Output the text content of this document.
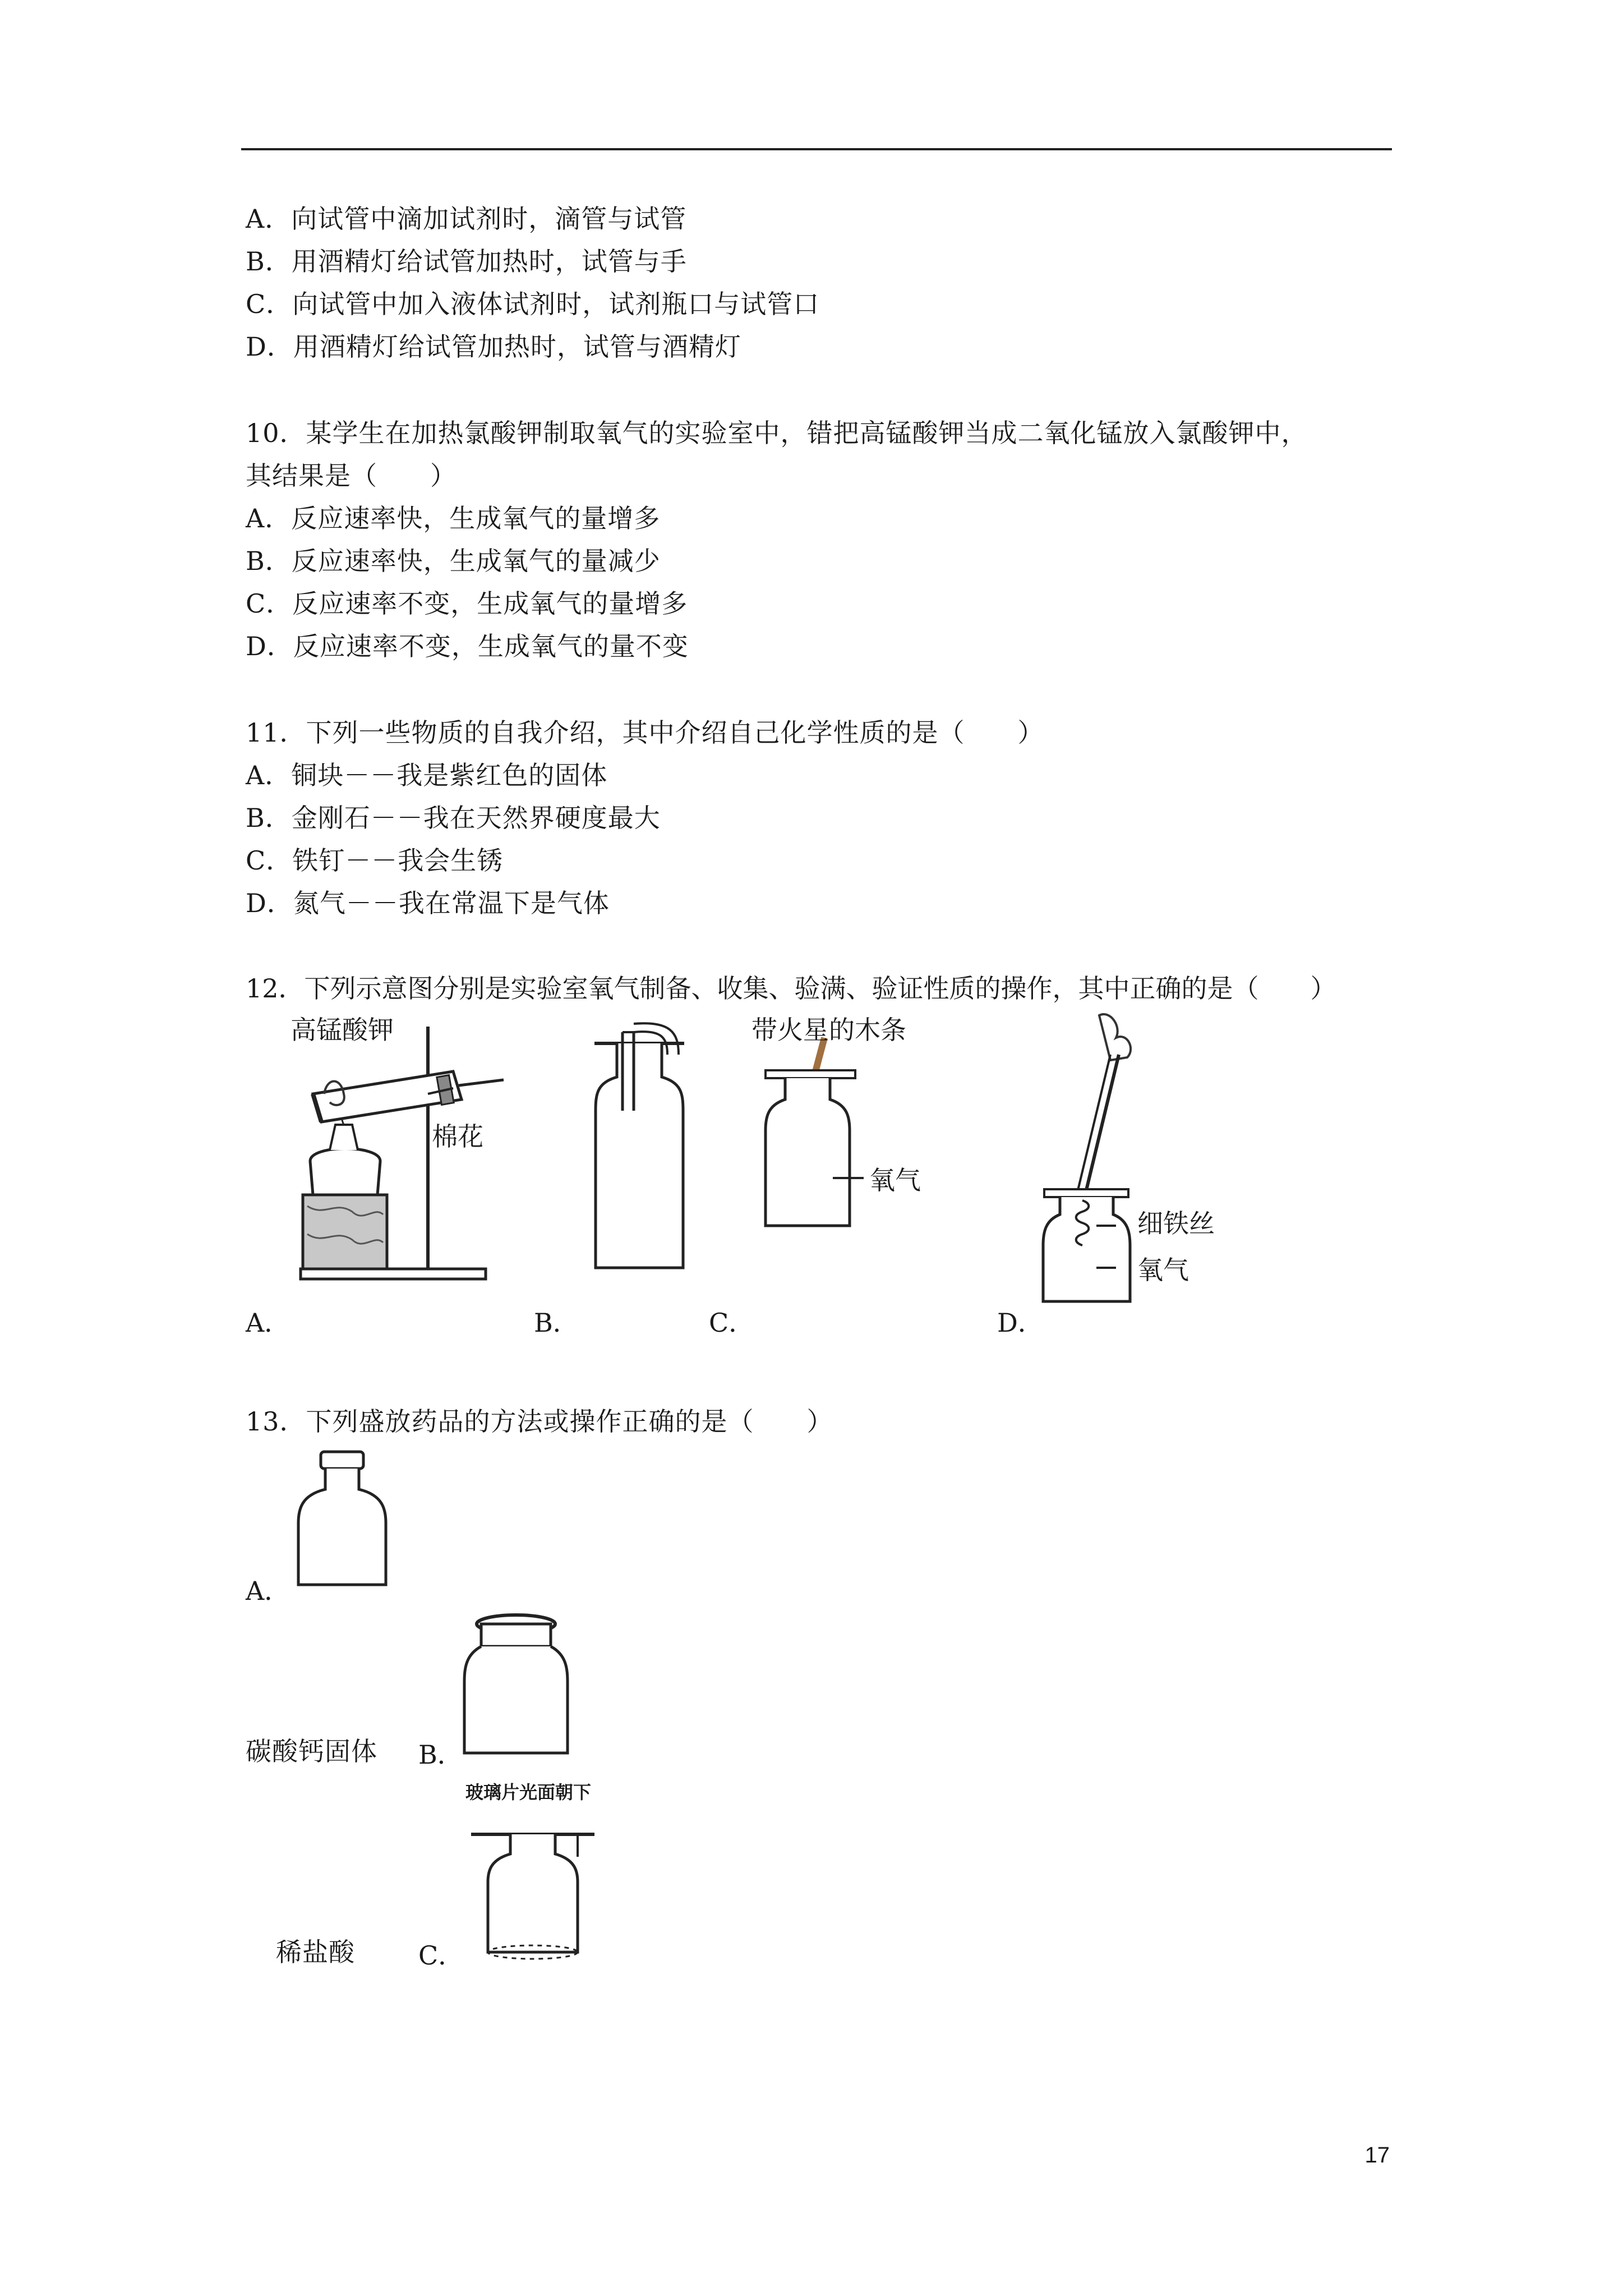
A．向试管中滴加试剂时，滴管与试管
B．用酒精灯给试管加热时，试管与手
C．向试管中加入液体试剂时，试剂瓶口与试管口
D．用酒精灯给试管加热时，试管与酒精灯
10．某学生在加热氯酸钾制取氧气的实验室中，错把高锰酸钾当成二氧化锰放入氯酸钾中，
其结果是（　　）
A．反应速率快，生成氧气的量增多
B．反应速率快，生成氧气的量减少
C．反应速率不变，生成氧气的量增多
D．反应速率不变，生成氧气的量不变
11．下列一些物质的自我介绍，其中介绍自己化学性质的是（　　）
A．铜块－－我是紫红色的固体
B．金刚石－－我在天然界硬度最大
C．铁钉－－我会生锈
D．氮气－－我在常温下是气体
12．下列示意图分别是实验室氧气制备、收集、验满、验证性质的操作，其中正确的是（　　）
高锰酸钾
棉花
带火星的木条
氧气
细铁丝
氧气
A．	B．	C．	D．
13．下列盛放药品的方法或操作正确的是（　　）
A．
碳酸钙固体 B．
玻璃片光面朝下
稀盐酸 C．
17
